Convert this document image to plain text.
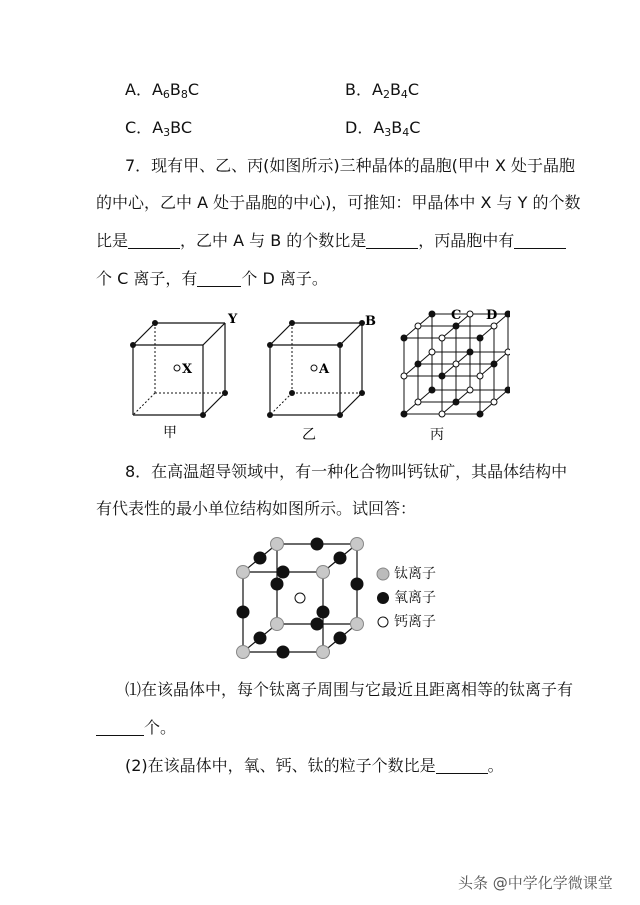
A．$A_6B_8C$	B．$A_2B_4C$
C．$A_3BC$	D．$A_3B_4C$
7．现有甲、乙、丙(如图所示)三种晶体的晶胞(甲中 X 处于晶胞
的中心，乙中 A 处于晶胞的中心)，可推知：甲晶体中 X 与 Y 的个数
比是	，乙中 A 与 B 的个数比是	，丙晶胞中有
个 C 离子，有	个 D 离子。
X
Y
甲
A
B
乙
C D
丙
8．在高温超导领域中，有一种化合物叫钙钛矿，其晶体结构中
有代表性的最小单位结构如图所示。试回答：
钛离子
氧离子
钙离子
⑴在该晶体中，每个钛离子周围与它最近且距离相等的钛离子有
个。
(2)在该晶体中，氧、钙、钛的粒子个数比是	。
头条 @中学化学微课堂
